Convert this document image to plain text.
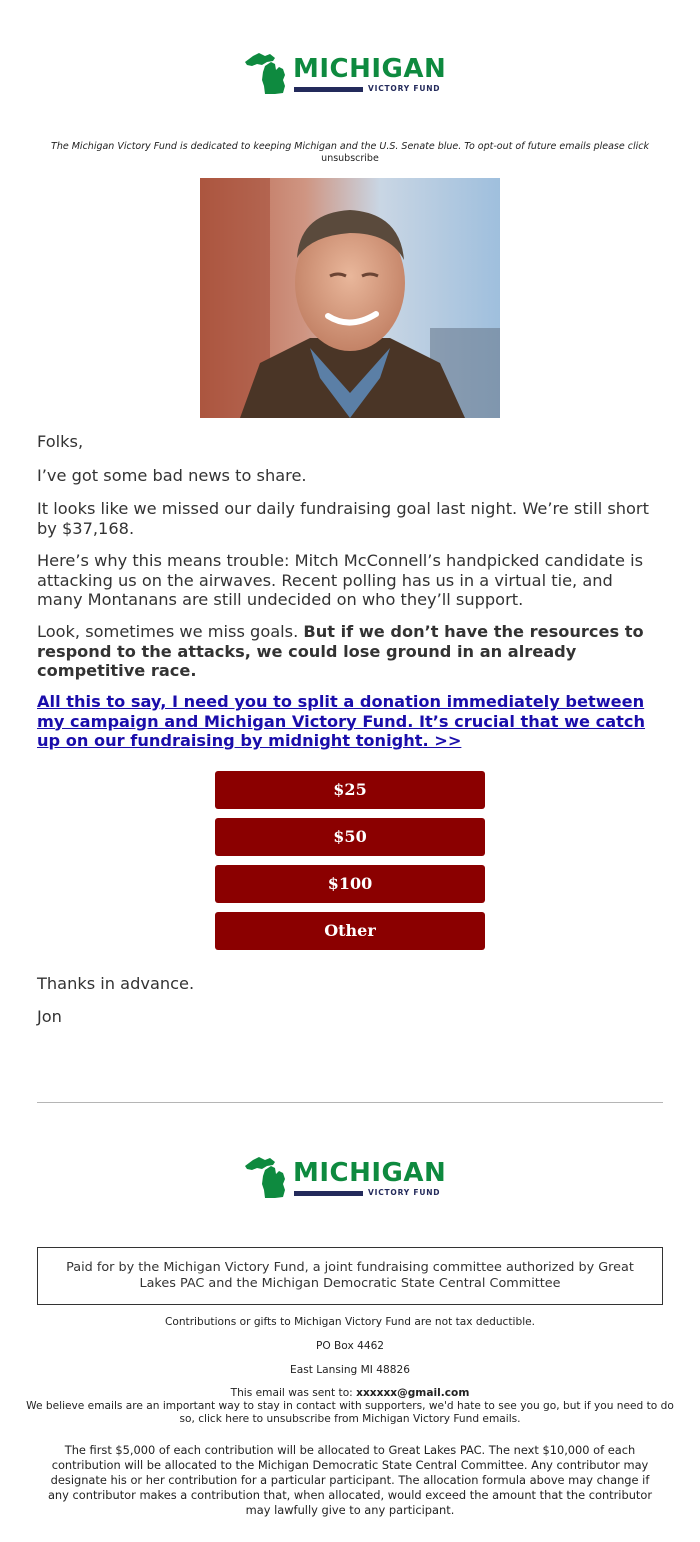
MICHIGAN
VICTORY FUND
The Michigan Victory Fund is dedicated to keeping Michigan and the U.S. Senate blue. To opt-out of future emails please click unsubscribe
Folks,
I’ve got some bad news to share.
It looks like we missed our daily fundraising goal last night. We’re still short by $37,168.
Here’s why this means trouble: Mitch McConnell’s handpicked candidate is attacking us on the airwaves. Recent polling has us in a virtual tie, and many Montanans are still undecided on who they’ll support.
Look, sometimes we miss goals. But if we don’t have the resources to respond to the attacks, we could lose ground in an already competitive race.
All this to say, I need you to split a donation immediately between my campaign and Michigan Victory Fund. It’s crucial that we catch up on our fundraising by midnight tonight. >>
$25
$50
$100
Other
Thanks in advance.
Jon
MICHIGAN
VICTORY FUND
Paid for by the Michigan Victory Fund, a joint fundraising committee authorized by Great Lakes PAC and the Michigan Democratic State Central Committee
Contributions or gifts to Michigan Victory Fund are not tax deductible.
PO Box 4462
East Lansing MI 48826
This email was sent to: xxxxxx@gmail.com
We believe emails are an important way to stay in contact with supporters, we'd hate to see you go, but if you need to do so, click here to unsubscribe from Michigan Victory Fund emails.
The first $5,000 of each contribution will be allocated to Great Lakes PAC. The next $10,000 of each contribution will be allocated to the Michigan Democratic State Central Committee. Any contributor may designate his or her contribution for a particular participant. The allocation formula above may change if any contributor makes a contribution that, when allocated, would exceed the amount that the contributor may lawfully give to any participant.
